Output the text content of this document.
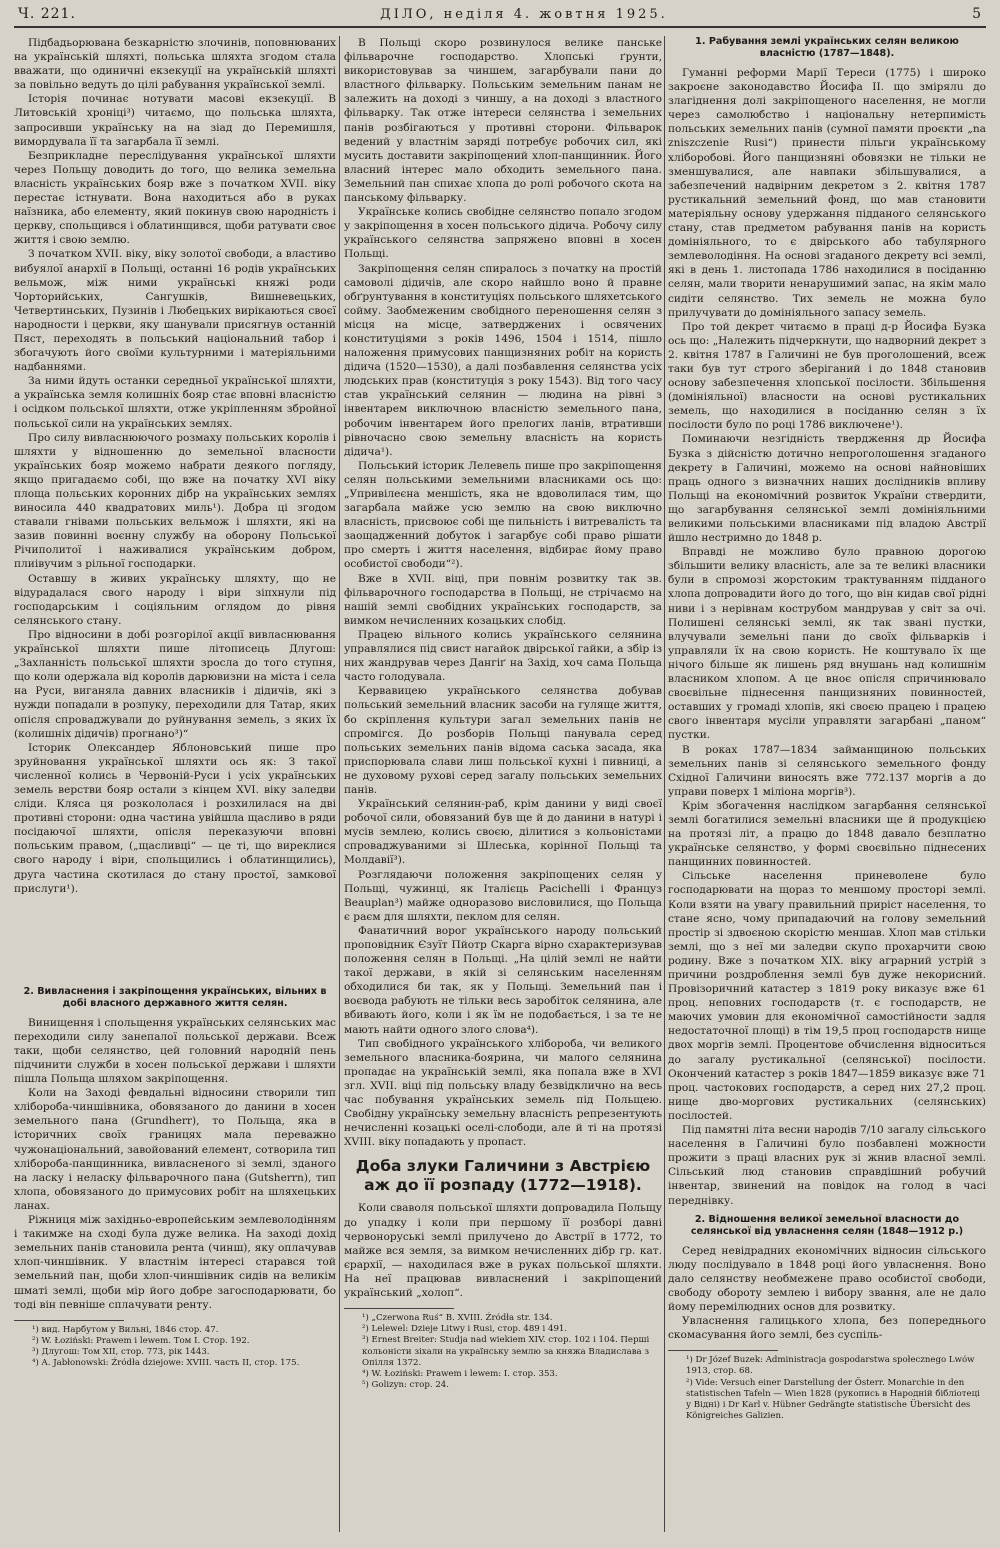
Ч. 221.	ДІЛО, неділя 4. жовтня 1925.	5

Підбадьорювана безкарністю злочинів, поповнюваних на українській шляхті, польська шляхта згодом стала вважати, що одиничні екзекуції на українській шляхті за повільно ведуть до цілі рабування української землі.

Історія починає нотувати масові екзекуції. В Литовській хроніці³) читаємо, що польська шляхта, запросивши українську на на зіад до Перемишля, вимордувала її та загарбала її землі.

Безприкладне переслідування української шляхти через Польщу доводить до того, що велика земельна власність українських бояр вже з початком XVII. віку перестає істнувати. Вона находиться або в руках наїзника, або елементу, який покинув свою народність і церкву, спольщився і облатинщився, щоби ратувати своє життя і свою землю.

З початком XVII. віку, віку золотої свободи, а властиво вибуялої анархії в Польщі, останні 16 родів українських вельмож, між ними українські княжі роди Чорторийських, Сангушків, Вишневецьких, Четвертинських, Пузинів і Любецьких вирікаються своєї народности і церкви, яку шанували присягнув останній Пяст, переходять в польський національний табор і збогачують його своїми культурними і матеріяльними надбаннями.

За ними йдуть останки середньої української шляхти, а українська земля колишніх бояр стає вповні власністю і осідком польської шляхти, отже укріпленням збройної польської сили на українських землях.

Про силу вивласнюючого розмаху польських королів і шляхти у відношенню до земельної власности українських бояр можемо набрати деякого погляду, якщо пригадаємо собі, що вже на початку XVI віку площа польських коронних дібр на українських землях виносила 440 квадратових миль¹). Добра ці згодом ставали гнівами польських вельмож і шляхти, які на зазив повинні воєнну службу на оборону Польської Річиполитої і наживалися українським добром, плиівучим з рільної господарки.

Оставшу в живих українську шляхту, що не відурадалася свого народу і віри зіпхнули під господарським і соціяльним оглядом до рівня селянського стану.

Про відносини в добі розгорілої акції вивласнювання української шляхти пише літописець Длугош: „Захланність польської шляхти зросла до того ступня, що коли одержала від королів дарювизни на міста і села на Руси, виганяла давних власників і дідичів, які з нужди попадали в розпуку, переходили для Татар, яких опісля спроваджували до руйнування земель, з яких їх (колишніх дідичів) прогнано³)“

Історик Олександер Яблоновський пише про зруйновання української шляхти ось як: З такої численної колись в Червоній-Руси і усіх українських земель верстви бояр остали з кінцем XVI. віку заледви сліди. Кляса ця розкололася і розхилилася на дві противні сторони: одна частина увійшла щасливо в ряди посідаючої шляхти, опісля переказуючи вповні польським правом, („щасливці“ — це ті, що виреклися свого народу і віри, спольщились і облатинщились), друга частина скотилася до стану простої, замкової прислуги¹).

2. Вивласнення і закріпощення українських, вільних в добі власного державного життя селян.

Винищення і спольщення українських селянських мас переходили силу занепалої польської держави. Всеж таки, щоби селянство, цей головний народній пень підчинити служби в хосен польської держави і шляхти пішла Польща шляхом закріпощення.

Коли на Заході февдальні відносини створили тип хлібороба-чиншівника, обовязаного до данини в хосен земельного пана (Grundherr), то Польща, яка в історичних своїх границях мала переважно чужонаціональний, завойований елемент, сотворила тип хлібороба-панщинника, вивласненого зі землі, зданого на ласку і неласку фільварочного пана (Gutsherrn), тип хлопа, обовязаного до примусових робіт на шляхецьких ланах.

Ріжниця між західньо-европейським землеволодінням і такимже на сході була дуже велика. На заході дохід земельних панів становила рента (чинш), яку оплачував хлоп-чиншівник. У властнім інтересі старався той земельний пан, щоби хлоп-чиншівник сидів на великім шматі землі, щоби мір його добре загосподарювати, бо тоді він певніше сплачувати ренту.

¹) вид. Нарбутом у Вильні, 1846 стор. 47.

²) W. Łoziński: Prawem i lewem. Том І. Стор. 192.

³) Длугош: Том XII, стор. 773, рік 1443.

⁴) A. Jabłonowski: Źródła dziejowe: XVIII. часть ІІ, стор. 175.

В Польщі скоро розвинулося велике панське фільварочне господарство. Хлопські ґрунти, використовував за чиншем, загарбували пани до властного фільварку. Польським земельним панам не залежить на доході з чиншу, а на доході з властного фільварку. Так отже інтереси селянства і земельних панів розбігаються у противні сторони. Фільварок ведений у властнім заряді потребує робочих сил, які мусить доставити закріпощений хлоп-панщинник. Його власний інтерес мало обходить земельного пана. Земельний пан спихає хлопа до ролі робочого скота на панському фільварку.

Українське колись свобідне селянство попало згодом у закріпощення в хосен польського дідича. Робочу силу українського селянства запряжено вповні в хосен Польщі.

Закріпощення селян спиралось з початку на простій самоволі дідичів, але скоро найшло воно й правне обґрунтування в конституціях польського шляхетського сойму. Заобмеженим свобідного переношення селян з місця на місце, затверджених і освячених конституціями з років 1496, 1504 і 1514, пішло наложення примусових панщизняних робіт на користь дідича (1520—1530), а далі позбавлення селянства усіх людських прав (конституція з року 1543). Від того часу став український селянин — людина на рівні з інвентарем виключною власністю земельного пана, робочим інвентарем його прелогих ланів, втративши рівночасно свою земельну власність на користь дідича¹).

Польський історик Лелевель пише про закріпощення селян польськими земельними власниками ось що: „Упривілеєна меншість, яка не вдоволилася тим, що загарбала майже усю землю на свою виключно власність, присвоює собі ще пильність і витревалість та заощадженний добуток і загарбує собі право рішати про смерть і життя населення, відбирає йому право особистої свободи“²).

Вже в XVII. віці, при повнім розвитку так зв. фільварочного господарства в Польщі, не стрічаємо на нашій землі свобідних українських господарств, за вимком нечисленних козацьких слобід.

Працею вільного колись українського селянина управлялися під свист нагайок двірської гайки, а збір із них жандрував через Дангіґ на Захід, хоч сама Польща часто голодувала.

Кервавицею українського селянства добував польський земельний власник засоби на гуляще життя, бо скріплення культури загал земельних панів не спромігся. До розборів Польщі панувала серед польських земельних панів відома саська засада, яка приспорювала слави лиш польської кухні і пивниці, а не духовому руховi серед загалу польських земельних панів.

Український селянин-раб, крім данини у виді своєї робочої сили, обовязаний був ще й до данини в натурі і мусів землею, колись своєю, ділитися з кольоністами спроваджуваними зі Шлеська, корінної Польщі та Молдавії³).

Розглядаючи положення закріпощених селян у Польщі, чужинці, як Італієць Pacichelli і Француз Beauplan³) майже одноразово висловилися, що Польща є раєм для шляхти, пеклом для селян.

Фанатичний ворог українського народу польський проповідник Єзуїт Пйотр Скарга вірно схарактеризував положення селян в Польщі. „На цілій землі не найти такої держави, в якій зі селянським населенням обходилися би так, як у Польщі. Земельний пан і воєвода рабують не тільки весь заробіток селянина, але вбивають його, коли і як їм не подобається, і за те не мають найти одного злого слова⁴).

Тип свобідного українського хлібороба, чи великого земельного власника-боярина, чи малого селянина пропадає на українській землі, яка попала вже в XVI згл. XVII. віці під польську владу безвідклично на весь час побування українських земель під Польщею. Свобідну українську земельну власність репрезентують нечисленні козацькі оселі-слободи, але й ті на протязі XVIII. віку попадають у пропаст.

Доба злуки Галичини з Австрією аж до її розпаду (1772—1918).

Коли сваволя польської шляхти допровадила Польщу до упадку і коли при першому її розборі давні червоноруські землі прилучено до Австрії в 1772, то майже вся земля, за вимком нечисленних дібр гр. кат. єрархії, — находилася вже в руках польської шляхти. На неї працював вивласнений і закріпощений український „холоп“.

¹) „Czerwona Ruś“ B. XVIII. Źródła str. 134.

²) Lelewel: Dzieje Litwy i Rusi, стор. 489 і 491.

³) Ernest Breiter: Studja nad wiekiem XIV. стор. 102 і 104. Перші кольоністи зіхали на українську землю за княжа Владислава з Опілля 1372.

⁴) W. Łoziński: Prawem i lewem: І. стор. 353.

⁵) Golizyn: стор. 24.

1. Рабування землі українських селян великою власністю (1787—1848).

Гуманні реформи Марії Тереси (1775) і широко закроєне законодавство Йосифа ІІ. що змірялu до злагіднення долі закріпощеного населення, не могли через самолюбство і національну нетерпимість польських земельних панів (сумної памяти проєкти „na zniszczenie Rusi“) принести пільги українському хліборобові. Його панщизняні обовязки не тільки не зменшувалися, але навпаки збільшувалися, а забезпечений надвірним декретом з 2. квітня 1787 рустикальний земельний фонд, що мав становити матеріяльну основу удержання підданого селянського стану, став предметом рабування панів на користь домініяльного, то є двірського або табулярного землеволодіння. На основі згаданого декрету всі землі, які в день 1. листопада 1786 находилися в посіданню селян, мали творити ненарушимий запас, на якім мало сидіти селянство. Тих земель не можна було прилучувати до домініяльного запасу земель.

Про той декрет читаємо в праці д-р Йосифа Бузка ось що: „Належить підчеркнути, що надворний декрет з 2. квітня 1787 в Галичині не був проголошений, всеж таки був тут строго зберіганий і до 1848 становив основу забезпечення хлопської посілости. Збільшення (домініяльної) власности на основі рустикальних земель, що находилися в посіданню селян з їх посілости було по році 1786 виключене¹).

Поминаючи незгідність твердження др Йосифа Бузка з дійсністю дотично непроголошення згаданого декрету в Галичині, можемо на основі найновіших праць одного з визначних наших дослідників впливу Польщі на економічний розвиток України ствердити, що загарбування селянської землі домініяльними великими польськими власниками під владою Австрії йшло нестримно до 1848 р.

Вправді не можливо було правною дорогою збільшити велику власність, але за те великі власники були в спромозі жорстоким трактуванням підданого хлопа допровадити його до того, що він кидав свої рідні ниви і з нерівнам кострубом мандрував у світ за очі. Полишені селянські землі, як так звані пустки, влучували земельні пани до своїх фільварків і управляли їх на свою користь. Не коштувало їх ще нічого більше як лишень ряд внушань над колишнім власником хлопом. А це вноє опісля спричинювало своєвільне піднесення панщизняних повинностей, оставших у громаді хлопів, які своєю працею і працею свого інвентаря мусіли управляти загарбані „паном“ пустки.

В роках 1787—1834 займанщиною польських земельних панів зі селянського земельного фонду Східної Галичини виносять вже 772.137 моргів а до управи поверх 1 міліона моргів³).

Крім збогачення наслідком загарбання селянської землі богатилися земельні власники ще й продукцією на протязі літ, а працю до 1848 давало безплатно українське селянство, у формі своєвільно піднесених панщинних повинностей.

Сільське населення приневолене було господарювати на щораз то меншому просторі землі. Коли взяти на увагу правильний приріст населення, то стане ясно, чому припадаючий на голову земельний простір зі здвоєною скорістю меншав. Хлоп мав стільки землі, що з неї ми заледви скупо прохарчити свою родину. Вже з початком XIX. віку аграрний устрій з причини роздроблення землі був дуже некорисний. Провізоричний катастер з 1819 року виказує вже 61 проц. неповних господарств (т. є господарств, не маючих умовин для економічної самостійности задля недостаточної площі) в тім 19,5 проц господарств нище двох моргів землі. Процентове обчислення відноситься до загалу рустикальної (селянської) посілости. Окончений катастер з років 1847—1859 виказує вже 71 проц. частокових господарств, а серед них 27,2 проц. нище дво-моргових рустикальних (селянських) посілостей.

Під памятні літа весни народів 7/10 загалу сільського населення в Галичині було позбавлені можности прожити з праці власних рук зі жнив власної землі. Сільський люд становив справдішний робучий інвентар, звинений на повідок на голод в часі переднівку.

2. Відношення великої земельної власности до селянської від увласнення селян (1848—1912 р.)

Серед невідрадних економічних відносин сільського люду послідувало в 1848 році його увласнення. Воно дало селянству необмежене право особистої свободи, свободу обороту землею і вибору звання, але не дало йому перемілюдних основ для розвитку.

Увласнення галицького хлопа, без попереднього скомасування його землі, без суспіль-

¹) Dr Józef Buzek: Administracja gospodarstwa społecznego Lwów 1913, стор. 68.

²) Vide: Versuch einer Darstellung der Österr. Monarchie in den statistischen Tafeln — Wien 1828 (рукопись в Народній бібліотеці у Відні) і Dr Karl v. Hübner Gedrängte statistische Übersicht des Königreiches Galizien.
